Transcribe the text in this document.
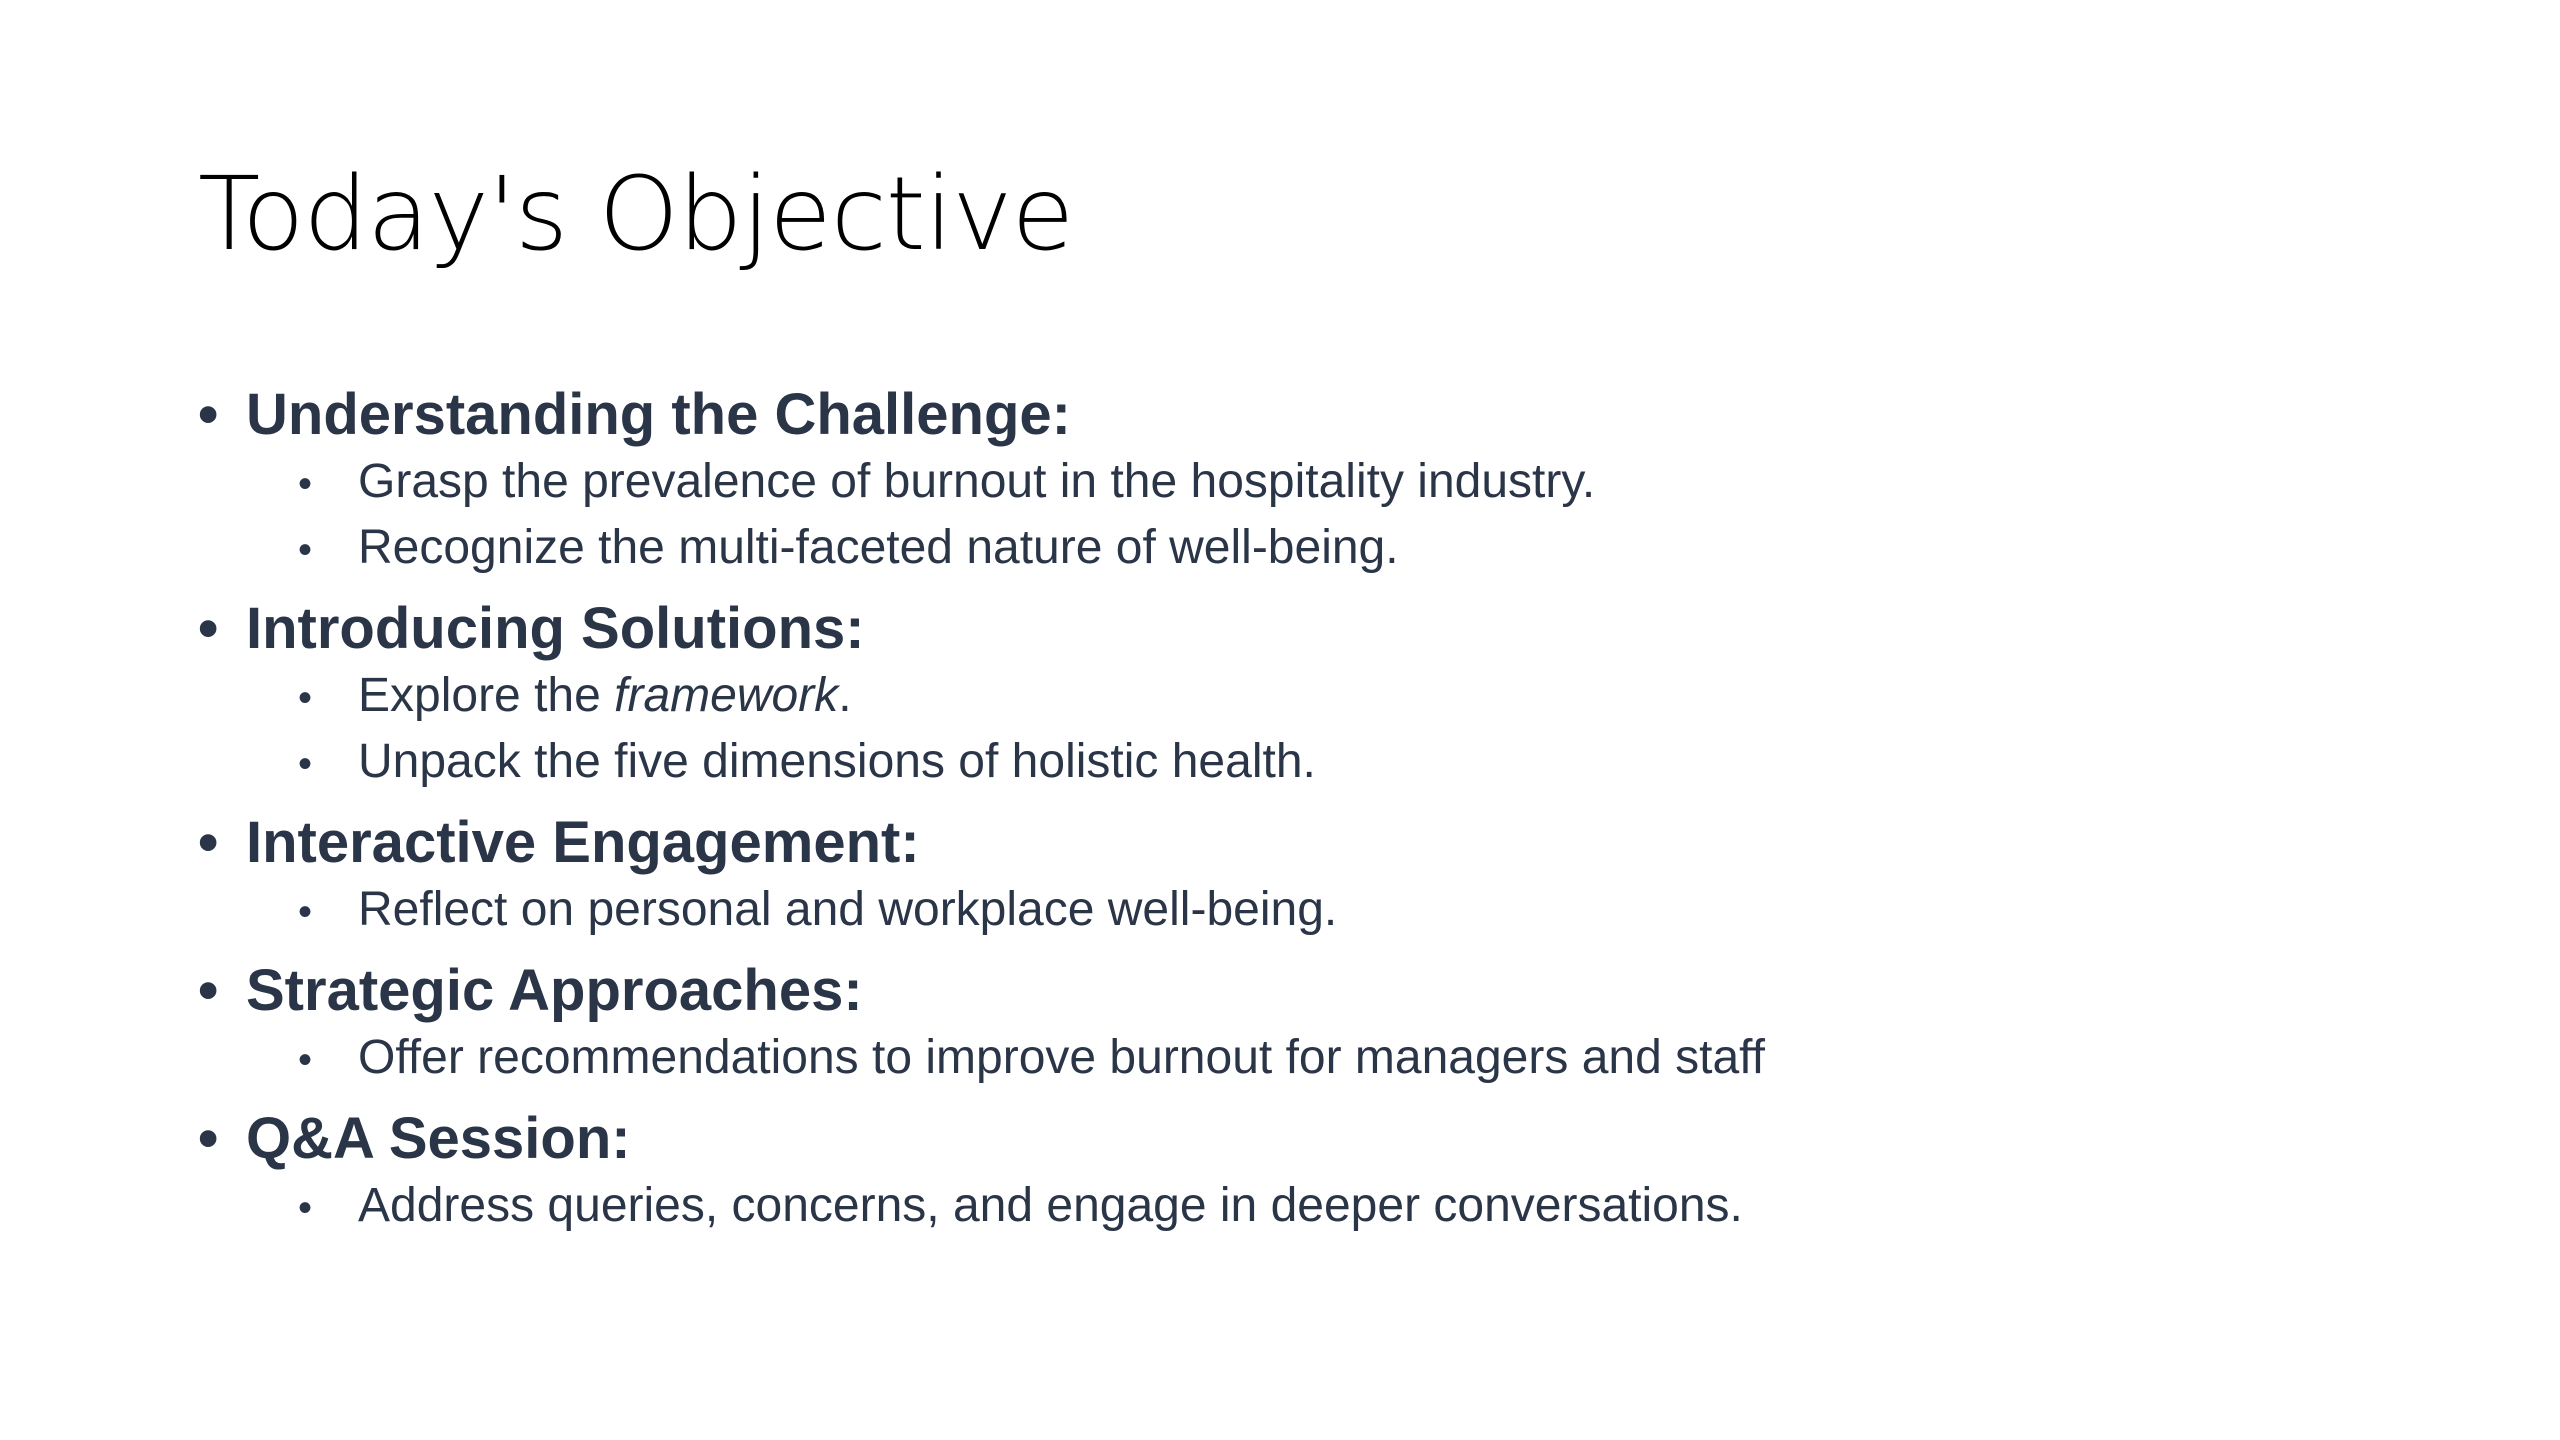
Today's Objective
• Understanding the Challenge:
• Grasp the prevalence of burnout in the hospitality industry.
• Recognize the multi-faceted nature of well-being.
• Introducing Solutions:
• Explore the framework.
• Unpack the five dimensions of holistic health.
• Interactive Engagement:
• Reflect on personal and workplace well-being.
• Strategic Approaches:
• Offer recommendations to improve burnout for managers and staff
• Q&A Session:
• Address queries, concerns, and engage in deeper conversations.
